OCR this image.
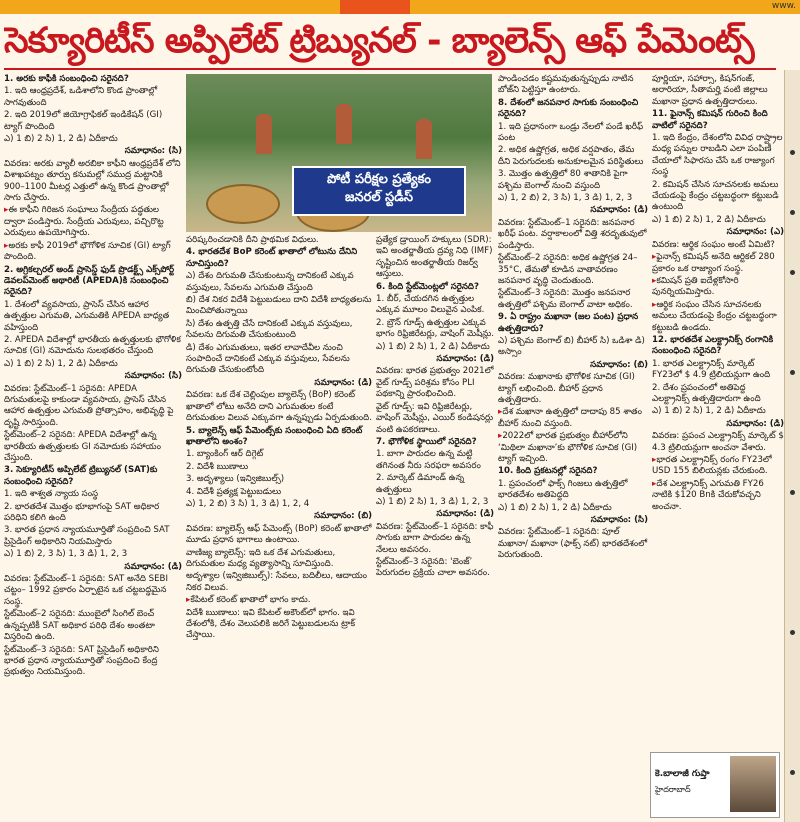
www.
సెక్యూరిటీస్ అప్పిలేట్ ట్రిబ్యునల్ - బ్యాలెన్స్ ఆఫ్ పేమెంట్స్

1. అరకు కాఫీకి సంబంధించి సరైనది?

1. ఇది ఆంధ్రప్రదేశ్, ఒడిశాలోని కొండ ప్రాంతాల్లో సాగవుతుంది

2. ఇది 2019లో జియోగ్రాఫికల్ ఇండికేషన్ (GI) ట్యాగ్ పొందింది

ఎ) 1 బి) 2 సి) 1, 2 డి) ఏదీకాదు

సమాధానం: (సి)

వివరణ: అరకు వ్యాలీ అరబికా కాఫీని ఆంధ్రప్రదేశ్ లోని విశాఖపట్నం తూర్పు కనుమల్లో సముద్ర మట్టానికి 900–1100 మీటర్ల ఎత్తులో ఉన్న కొండ ప్రాంతాల్లో సాగు చేస్తారు.

▸ ఈ కాఫీని గిరిజన సంఘాలు సేంద్రీయ పద్ధతుల ద్వారా పండిస్తారు. సేంద్రీయ ఎరువులు, పచ్చిరొట్ట ఎరువులు ఉపయోగిస్తారు.

▸ అరకు కాఫీ 2019లో భౌగోళిక సూచిక (GI) ట్యాగ్ పొందింది.

2. అగ్రికల్చరల్ అండ్ ప్రాసెస్డ్ ఫుడ్ ప్రొడక్ట్స్ ఎక్స్‌పోర్ట్ డెవలప్‌మెంట్ అథారిటీ (APEDA)కి సంబంధించి సరైనది?

1. దేశంలో వ్యవసాయ, ప్రాసెస్ చేసిన ఆహార ఉత్పత్తుల ఎగుమతి, ఎగుమతికి APEDA బాధ్యత వహిస్తుంది

2. APEDA విదేశాల్లో భారతీయ ఉత్పత్తులకు భౌగోళిక సూచిక (GI) నమోదును సులభతరం చేస్తుంది

ఎ) 1 బి) 2 సి) 1, 2 డి) ఏదీకాదు

సమాధానం: (సి)

వివరణ: స్టేట్‌మెంట్–1 సరైనది: APEDA దిగుమతులపై కాకుండా వ్యవసాయ, ప్రాసెస్ చేసిన ఆహార ఉత్పత్తుల ఎగుమతి ప్రోత్సాహం, అభివృద్ధి పై దృష్టి సారిస్తుంది.

స్టేట్‌మెంట్–2 సరైనది: APEDA విదేశాల్లో ఉన్న భారతీయ ఉత్పత్తులకు GI నమోదుకు సహాయం చేస్తుంది.

3. సెక్యూరిటీస్ అప్పిలేట్ ట్రిబ్యునల్ (SAT)కు సంబంధించి సరైనది?

1. ఇది శాశ్వత న్యాయ సంస్థ

2. భారతదేశ మొత్తం భూభాగంపై SAT అధికార పరిధిని కలిగి ఉంది

3. భారత ప్రధాన న్యాయమూర్తితో సంప్రదించి SAT ప్రిసైడింగ్ అధికారిని నియమిస్తారు

ఎ) 1 బి) 2, 3 సి) 1, 3 డి) 1, 2, 3

సమాధానం: (డి)

వివరణ: స్టేట్‌మెంట్–1 సరైనది: SAT అనేది SEBI చట్టం– 1992 ప్రకారం ఏర్పాటైన ఒక చట్టబద్ధమైన సంస్థ.

స్టేట్‌మెంట్–2 సరైనది: ముంబైలో సింగిల్ బెంచ్ ఉన్నప్పటికీ SAT అధికార పరిధి దేశం అంతటా విస్తరించి ఉంది.

స్టేట్‌మెంట్–3 సరైనది: SAT ప్రిసైడింగ్ అధికారిని భారత ప్రధాన న్యాయమూర్తితో సంప్రదించి కేంద్ర ప్రభుత్వం నియమిస్తుంది.

పోటీ పరీక్షల ప్రత్యేకం
జనరల్ స్టడీస్

పరిష్కరించడానికి దీని ప్రాథమిక విధులు.

4. భారతదేశ BoP కరెంట్ ఖాతాలో లోటును దేనిని సూచిస్తుంది?

ఎ) దేశం దిగుమతి చేసుకుంటున్న దానికంటే ఎక్కువ వస్తువులు, సేవలను ఎగుమతి చేస్తుంది

బి) దేశ నికర విదేశీ పెట్టుబడులు దాని విదేశీ బాధ్యతలను మించిపోతున్నాయి

సి) దేశం ఉత్పత్తి చేసే దానికంటే ఎక్కువ వస్తువులు, సేవలను దిగుమతి చేసుకుంటుంది

డి) దేశం ఎగుమతులు, ఇతర లావాదేవీల నుంచి సంపాదించే దానికంటే ఎక్కువ వస్తువులు, సేవలను దిగుమతి చేసుకుంటోంది

సమాధానం: (డి)

వివరణ: ఒక దేశ చెల్లింపుల బ్యాలెన్స్ (BoP) కరెంట్ ఖాతాలో లోటు అనేది దాని ఎగుమతుల కంటే దిగుమతుల విలువ ఎక్కువగా ఉన్నప్పుడు ఏర్పడుతుంది.

5. బ్యాలెన్స్ ఆఫ్ పేమెంట్స్‌కు సంబంధించి ఏది కరెంట్ ఖాతాలోని అంశం?

1. బ్యాంకింగ్ ఆర్ దిగ్గెట్

2. విదేశీ ఋణాలు

3. అదృశ్యాలు (ఇన్విజిబుల్స్)

4. విదేశీ ప్రత్యక్ష పెట్టుబడులు

ఎ) 1, 2 బి) 3 సి) 1, 3 డి) 1, 2, 4

సమాధానం: (బి)

వివరణ: బ్యాలెన్స్ ఆఫ్ పేమెంట్స్ (BoP) కరెంట్ ఖాతాలో మూడు ప్రధాన భాగాలు ఉంటాయి.

వాణిజ్య బ్యాలెన్స్: ఇది ఒక దేశ ఎగుమతులు, దిగుమతుల మధ్య వ్యత్యాసాన్ని సూచిస్తుంది.

అదృశ్యాల (ఇన్విజిబుల్స్): సేవలు, బదిలీలు, ఆదాయం నికర విలువ.

▸ కేపిటల్ కరెంట్ ఖాతాలో భాగం కాదు.

విదేశీ ఋణాలు: ఇవి కేపిటల్ అకౌంట్‌లో భాగం. ఇవి దేశంలోకి, దేశం వెలుపలికి జరిగే పెట్టుబడులను ట్రాక్ చేస్తాయి.

ప్రత్యేక డ్రాయింగ్ హక్కులు (SDR): ఇవి అంతర్జాతీయ ద్రవ్య నిధి (IMF) సృష్టించిన అంతర్జాతీయ రిజర్వ్ ఆస్తులు.

6. కింది స్టేట్‌మెంట్లలో సరైనది?

1. బీర్, చేయదగిన ఉత్పత్తుల ఎక్కువ మూలం విలువైన ఎంపిక.

2. బ్రౌన్ గూడ్స్ ఉత్పత్తుల ఎక్కువ భాగం రిఫ్రిజిరేటర్లు, వాషింగ్ మెషీన్లు.

ఎ) 1 బి) 2 సి) 1, 2 డి) ఏదీకాదు

సమాధానం: (డి)

వివరణ: భారత ప్రభుత్వం 2021లో వైట్ గూడ్స్ పరిశ్రమ కోసం PLI పథకాన్ని ప్రారంభించింది.

వైట్ గూడ్స్: ఇవి రిఫ్రిజిరేటర్లు, వాషింగ్ మెషీన్లు, ఎయిర్ కండిషనర్లు వంటి ఉపకరణాలు.

7. భౌగోళిక స్థాయిలో సరైనది?

1. బాగా పారుదల ఉన్న మట్టి తగినంత నీరు సరఫరా అవసరం

2. మార్కెట్ డిమాండ్ ఉన్న ఉత్పత్తులు

ఎ) 1 బి) 2 సి) 1, 3 డి) 1, 2, 3

సమాధానం: (డి)

వివరణ: స్టేట్‌మెంట్–1 సరైనది: కాఫీ సాగుకు బాగా పారుదల ఉన్న నేలలు అవసరం.

స్టేట్‌మెంట్–3 సరైనది: 'బెంజ్’ పెరుగుదల ప్రక్రియ చాలా అవసరం.

పాండించడం కష్టమవుతున్నప్పుడు నాటిన బోజ్‌ని పెట్టిస్తూ ఉంటారు.

8. దేశంలో జనపనార సాగుకు సంబంధించి సరైనది?

1. ఇది ప్రధానంగా ఒండ్రు నేలలో పండే ఖరీఫ్ పంట

2. అధిక ఉష్ణోగ్రత, అధిక వర్షపాతం, తేమ దీని పెరుగుదలకు అనుకూలమైన పరిస్థితులు

3. మొత్తం ఉత్పత్తిలో 80 శాతానికి పైగా పశ్చిమ బెంగాల్ నుంచి వస్తుంది

ఎ) 1, 2 బి) 2, 3 సి) 1, 3 డి) 1, 2, 3

సమాధానం: (డి)

వివరణ: స్టేట్‌మెంట్–1 సరైనది: జనపనార ఖరీఫ్ పంట. వర్షాకాలంలో విత్తి శరదృతువులో పండిస్తారు.

స్టేట్‌మెంట్–2 సరైనది: అధిక ఉష్ణోగ్రత 24–35°C, తేమతో కూడిన వాతావరణం జనపనార వృద్ధి చెందుతుంది.

స్టేట్‌మెంట్–3 సరైనది: మొత్తం జనపనార ఉత్పత్తిలో పశ్చిమ బెంగాల్ వాటా అధికం.

9. ఏ రాష్ట్రం మఖానా (జల పంట) ప్రధాన ఉత్పత్తిదారు?

ఎ) పశ్చిమ బెంగాల్ బి) బీహార్ సి) ఒడిశా డి) అస్సాం

సమాధానం: (బి)

వివరణ: మఖానాకు భౌగోళిక సూచిక (GI) ట్యాగ్ లభించింది. బీహార్ ప్రధాన ఉత్పత్తిదారు.

▸ దేశ మఖానా ఉత్పత్తిలో దాదాపు 85 శాతం బీహార్ నుంచి వస్తుంది.

▸ 2022లో భారత ప్రభుత్వం బీహార్‌లోని ‘మిథిలా మఖానా’కు భౌగోళిక సూచిక (GI) ట్యాగ్ ఇచ్చింది.

10. కింది ప్రకటనల్లో సరైనది?

1. ప్రపంచంలో ఫాక్స్ గింజలు ఉత్పత్తిలో భారతదేశం అతిపెద్దది

ఎ) 1 బి) 2 సి) 1, 2 డి) ఏదీకాదు

సమాధానం: (సి)

వివరణ: స్టేట్‌మెంట్–1 సరైనది: పూల్ మఖానా/ మఖానా (ఫాక్స్ నట్) భారతదేశంలో పెరుగుతుంది.

పూర్ణియా, సహార్సా, కిషన్‌గంజ్, అరారియా, సీతామర్హి వంటి జిల్లాలు మఖానా ప్రధాన ఉత్పత్తిదారులు.

11. ఫైనాన్స్ కమిషన్ గురించి కింది వాటిలో సరైనది?

1. ఇది కేంద్రం, దేశంలోని వివిధ రాష్ట్రాల మధ్య పన్నుల రాబడిని ఎలా పంపిణీ చేయాలో సిఫారసు చేసే ఒక రాజ్యాంగ సంస్థ

2. కమిషన్ చేసిన సూచనలకు అమలు చేయడంపై కేంద్రం చట్టబద్ధంగా కట్టుబడి ఉంటుంది

ఎ) 1 బి) 2 సి) 1, 2 డి) ఏదీకాదు

సమాధానం: (ఎ)

వివరణ: ఆర్థిక సంఘం అంటే ఏమిటి?

▸ ఫైనాన్స్ కమిషన్ అనేది ఆర్టికల్ 280 ప్రకారం ఒక రాజ్యాంగ సంస్థ.

▸ కమిషన్ ప్రతి ఐదేళ్లకోసారి పునర్నియమిస్తారు.

▸ ఆర్థిక సంఘం చేసిన సూచనలకు అమలు చేయడంపై కేంద్రం చట్టబద్ధంగా కట్టుబడి ఉండదు.

12. భారతదేశ ఎలక్ట్రానిక్స్ రంగానికి సంబంధించి సరైనది?

1. భారత ఎలక్ట్రానిక్స్ మార్కెట్ FY23లో $ 4.9 ట్రిలియన్లుగా ఉంది

2. దేశం ప్రపంచంలో అతిపెద్ద ఎలక్ట్రానిక్స్ ఉత్పత్తిదారుగా ఉంది

ఎ) 1 బి) 2 సి) 1, 2 డి) ఏదీకాదు

సమాధానం: (డి)

వివరణ: ప్రపంచ ఎలక్ట్రానిక్స్ మార్కెట్ $ 4.3 ట్రిలియన్లుగా అంచనా వేశారు.

▸ భారత ఎలక్ట్రానిక్స్ రంగం FY23లో USD 155 బిలియన్లకు చేరుకుంది.

▸ దేశ ఎలక్ట్రానిక్స్ ఎగుమతి FY26 నాటికి $120 Bnకి చేరుకోవచ్చని అంచనా.

కె.బాలాజీ గుప్తా
హైదరాబాద్
